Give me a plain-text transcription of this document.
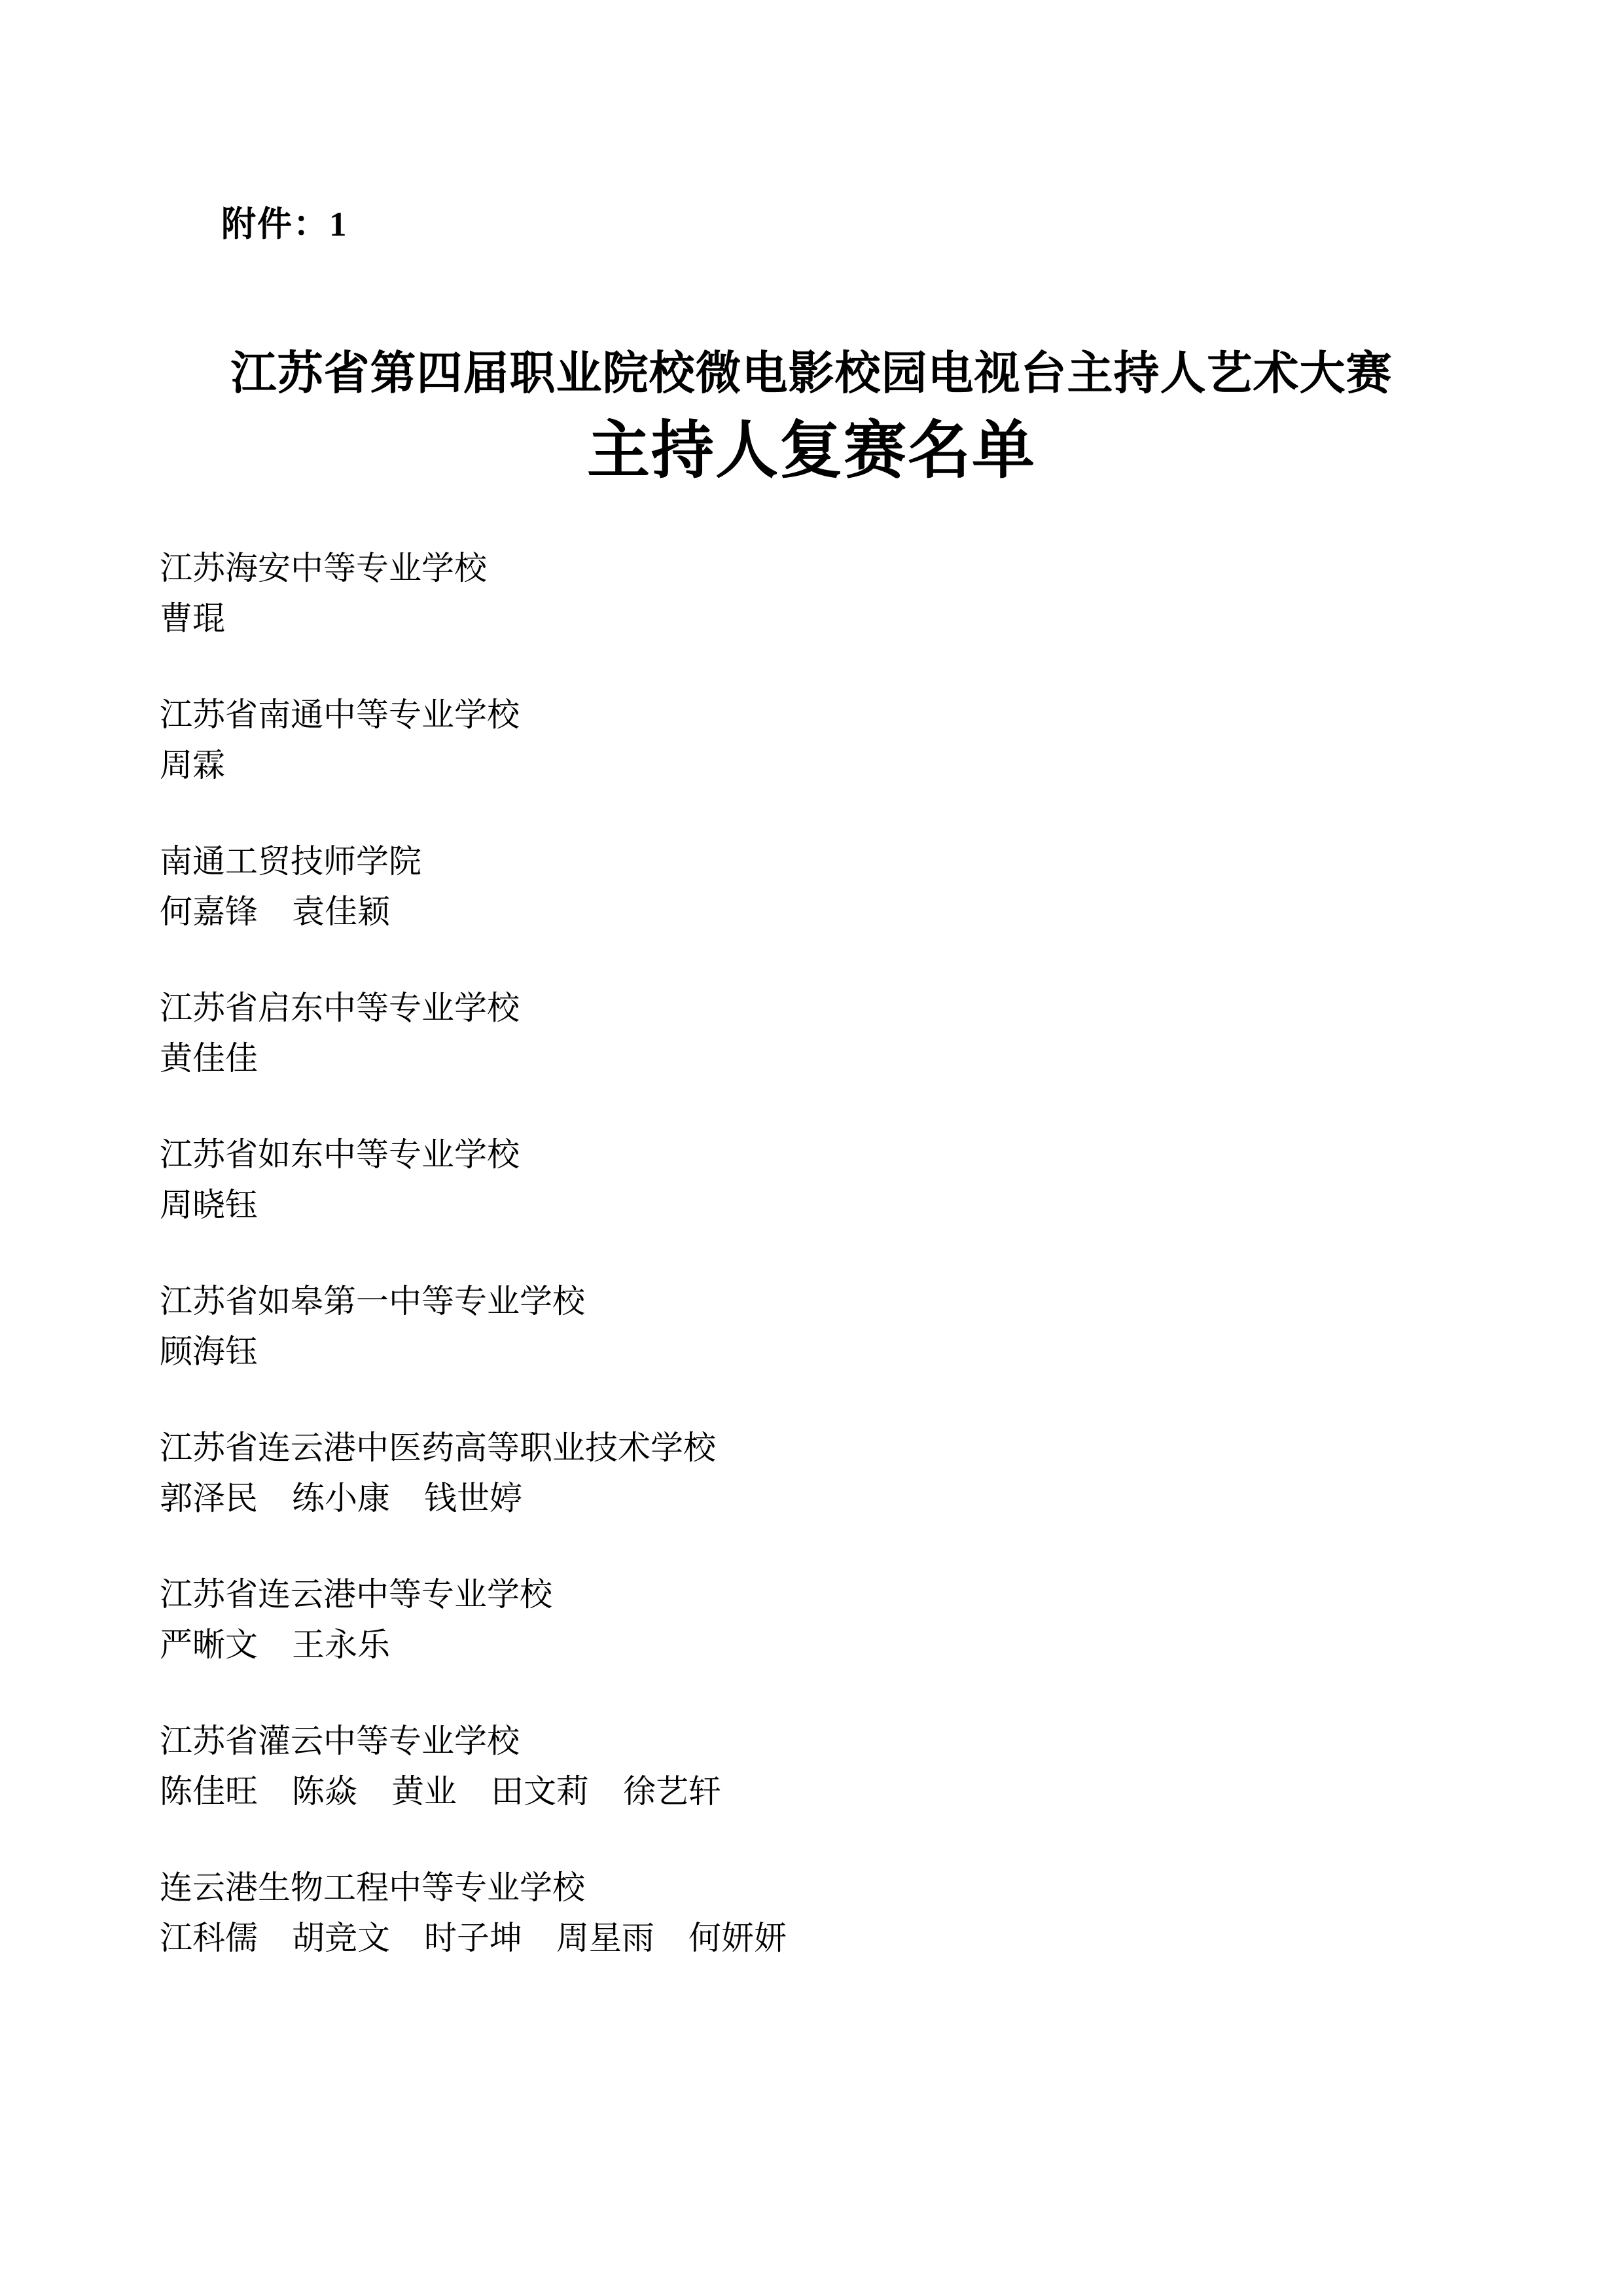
附件：1
江苏省第四届职业院校微电影校园电视台主持人艺术大赛
主持人复赛名单
江苏海安中等专业学校
曹琨
江苏省南通中等专业学校
周霖
南通工贸技师学院
何嘉锋 袁佳颖
江苏省启东中等专业学校
黄佳佳
江苏省如东中等专业学校
周晓钰
江苏省如皋第一中等专业学校
顾海钰
江苏省连云港中医药高等职业技术学校
郭泽民 练小康 钱世婷
江苏省连云港中等专业学校
严晰文 王永乐
江苏省灌云中等专业学校
陈佳旺 陈焱 黄业 田文莉 徐艺轩
连云港生物工程中等专业学校
江科儒 胡竞文 时子坤 周星雨 何妍妍
